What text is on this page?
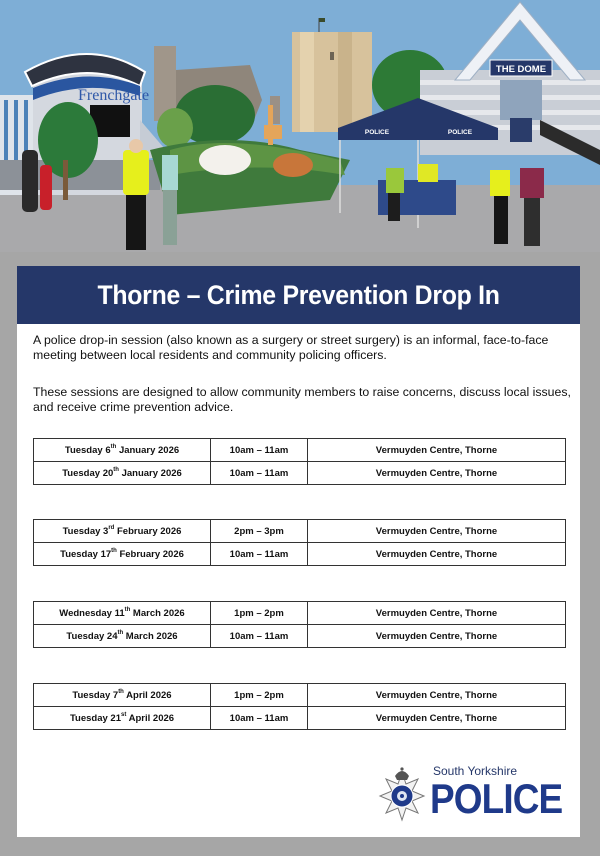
Frenchgate
THE DOME
POLICE	POLICE
Thorne – Crime Prevention Drop In
A police drop-in session (also known as a surgery or street surgery) is an informal, face-to-face meeting between local residents and community policing officers.
These sessions are designed to allow community members to raise concerns, discuss local issues, and receive crime prevention advice.
Tuesday 6th January 2026	10am – 11am	Vermuyden Centre, Thorne
Tuesday 20th January 2026	10am – 11am	Vermuyden Centre, Thorne
Tuesday 3rd February 2026	2pm – 3pm	Vermuyden Centre, Thorne
Tuesday 17th February 2026	10am – 11am	Vermuyden Centre, Thorne
Wednesday 11th March 2026	1pm – 2pm	Vermuyden Centre, Thorne
Tuesday 24th March 2026	10am – 11am	Vermuyden Centre, Thorne
Tuesday 7th April 2026	1pm – 2pm	Vermuyden Centre, Thorne
Tuesday 21st April 2026	10am – 11am	Vermuyden Centre, Thorne
South Yorkshire
POLICE
